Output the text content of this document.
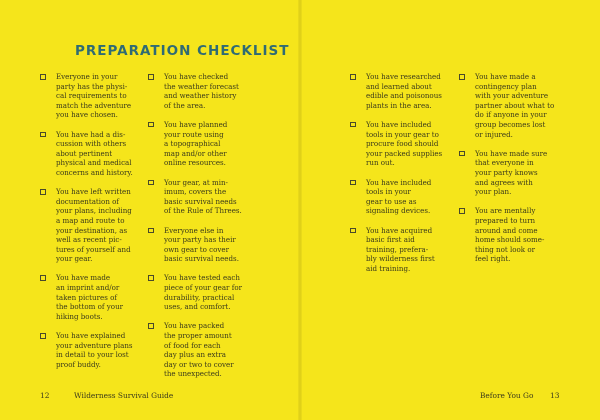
PREPARATION CHECKLIST
Everyone in your
party has the physi-
cal requirements to
match the adventure
you have chosen.
You have had a dis-
cussion with others
about pertinent
physical and medical
concerns and history.
You have left written
documentation of
your plans, including
a map and route to
your destination, as
well as recent pic-
tures of yourself and
your gear.
You have made
an imprint and/or
taken pictures of
the bottom of your
hiking boots.
You have explained
your adventure plans
in detail to your lost
proof buddy.
You have checked
the weather forecast
and weather history
of the area.
You have planned
your route using
a topographical
map and/or other
online resources.
Your gear, at min-
imum, covers the
basic survival needs
of the Rule of Threes.
Everyone else in
your party has their
own gear to cover
basic survival needs.
You have tested each
piece of your gear for
durability, practical
uses, and comfort.
You have packed
the proper amount
of food for each
day plus an extra
day or two to cover
the unexpected.
12	Wilderness Survival Guide
You have researched
and learned about
edible and poisonous
plants in the area.
You have included
tools in your gear to
procure food should
your packed supplies
run out.
You have included
tools in your
gear to use as
signaling devices.
You have acquired
basic first aid
training, prefera-
bly wilderness first
aid training.
You have made a
contingency plan
with your adventure
partner about what to
do if anyone in your
group becomes lost
or injured.
You have made sure
that everyone in
your party knows
and agrees with
your plan.
You are mentally
prepared to turn
around and come
home should some-
thing not look or
feel right.
Before You Go 13
